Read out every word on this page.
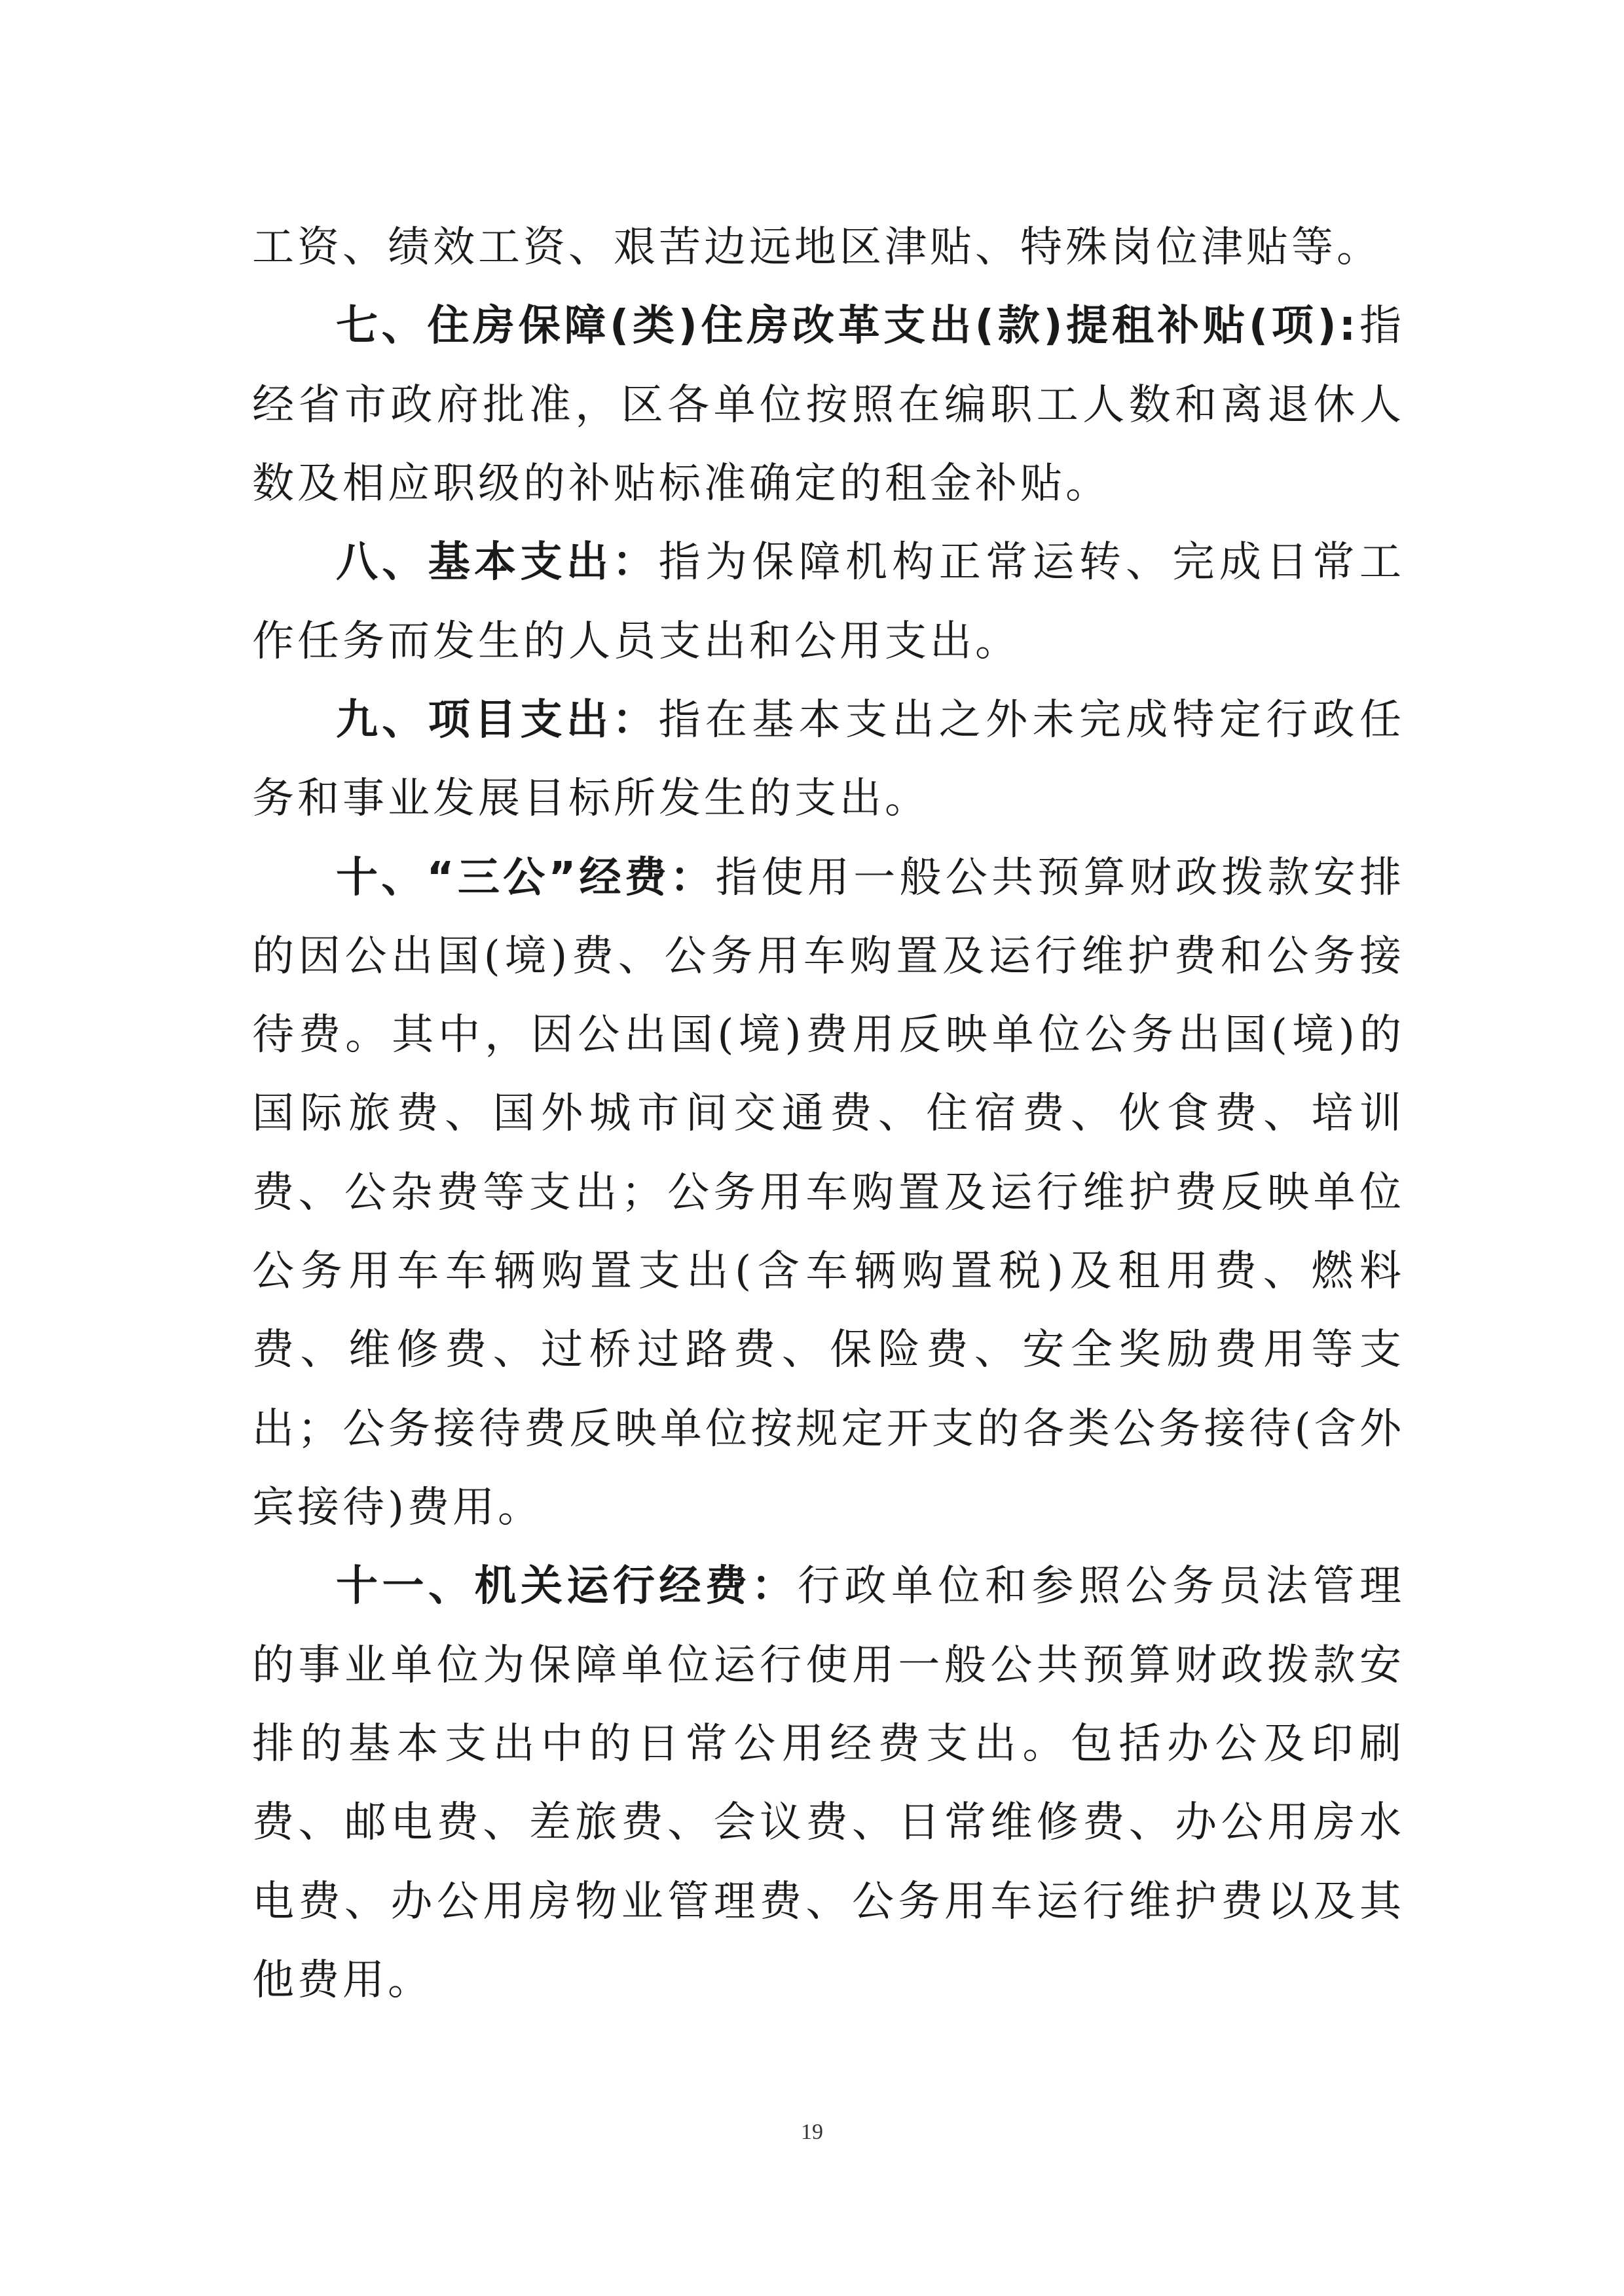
工资、绩效工资、艰苦边远地区津贴、特殊岗位津贴等。

七、住房保障(类)住房改革支出(款)提租补贴(项):指经省市政府批准，区各单位按照在编职工人数和离退休人数及相应职级的补贴标准确定的租金补贴。

八、基本支出：指为保障机构正常运转、完成日常工作任务而发生的人员支出和公用支出。

九、项目支出：指在基本支出之外未完成特定行政任务和事业发展目标所发生的支出。

十、“三公”经费：指使用一般公共预算财政拨款安排的因公出国(境)费、公务用车购置及运行维护费和公务接待费。其中，因公出国(境)费用反映单位公务出国(境)的国际旅费、国外城市间交通费、住宿费、伙食费、培训费、公杂费等支出；公务用车购置及运行维护费反映单位公务用车车辆购置支出(含车辆购置税)及租用费、燃料费、维修费、过桥过路费、保险费、安全奖励费用等支出；公务接待费反映单位按规定开支的各类公务接待(含外宾接待)费用。

十一、机关运行经费：行政单位和参照公务员法管理的事业单位为保障单位运行使用一般公共预算财政拨款安排的基本支出中的日常公用经费支出。包括办公及印刷费、邮电费、差旅费、会议费、日常维修费、办公用房水电费、办公用房物业管理费、公务用车运行维护费以及其他费用。

19
